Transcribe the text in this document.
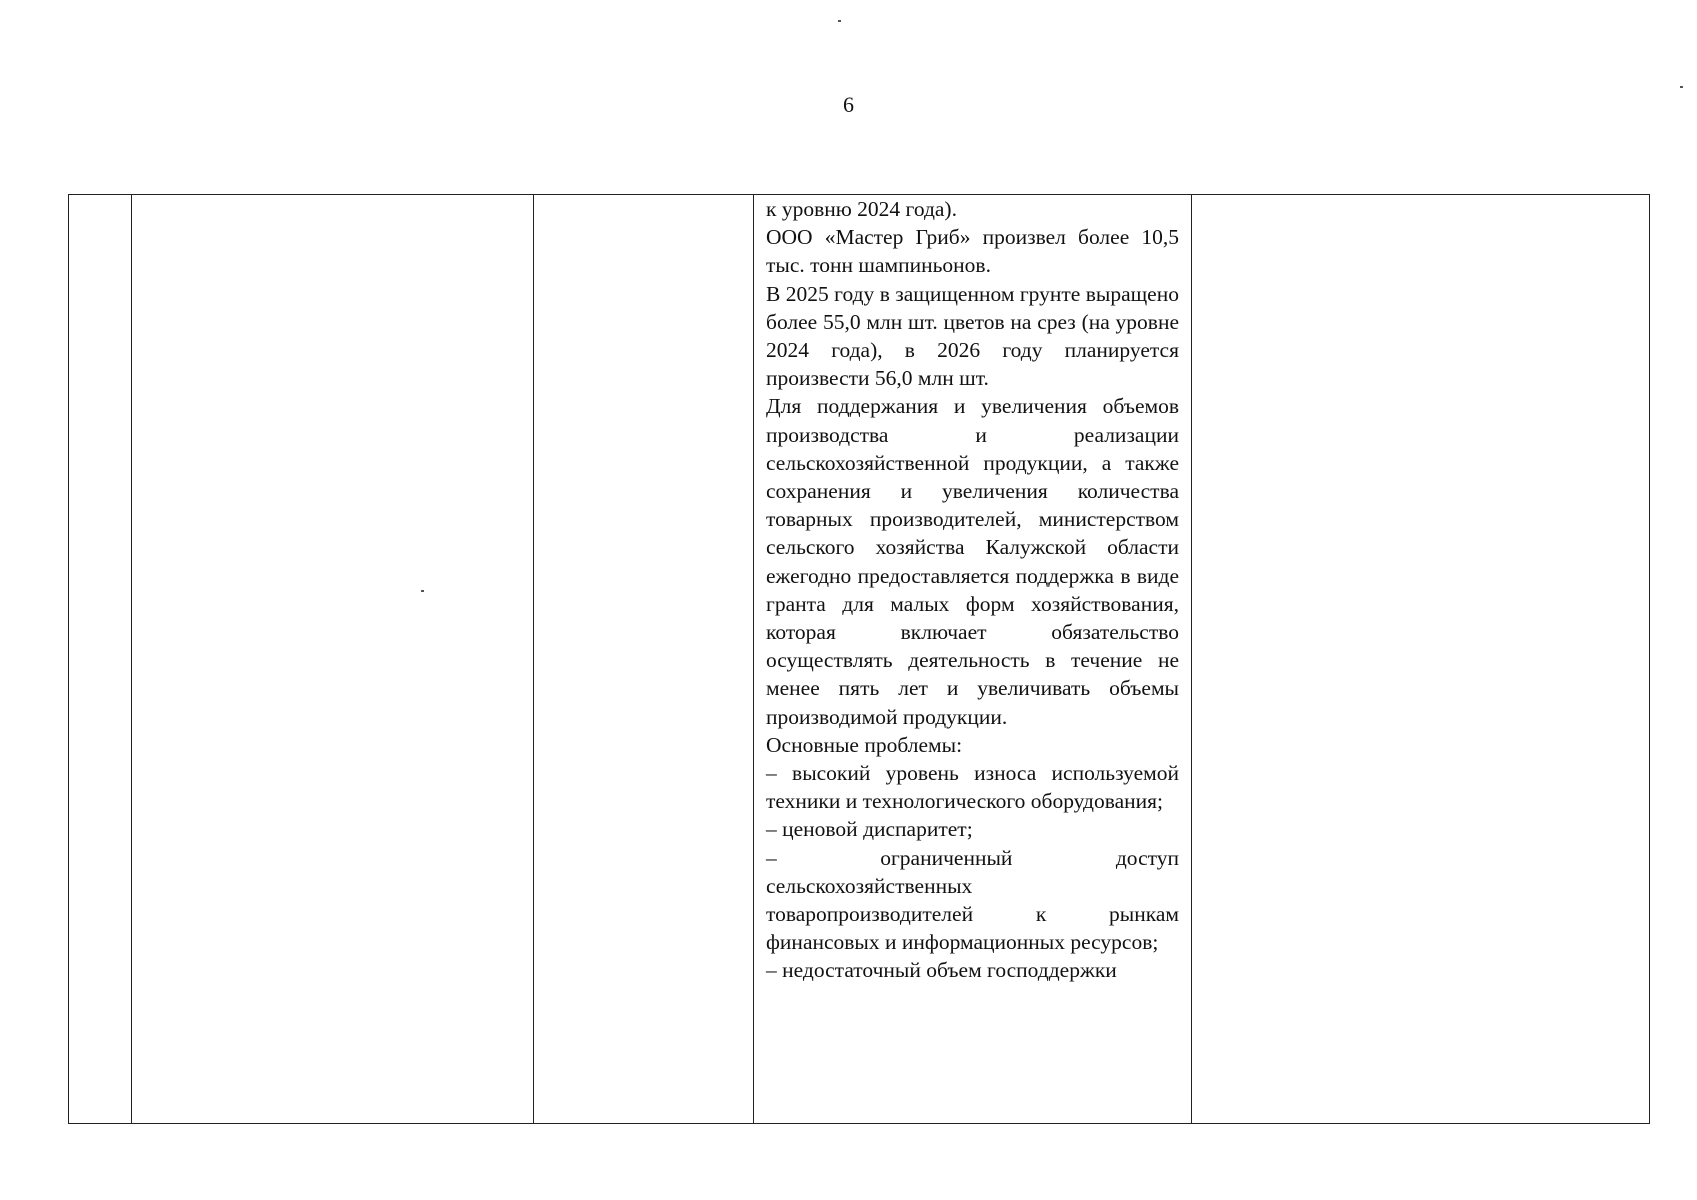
6

к уровню 2024 года).

ООО «Мастер Гриб» произвел более 10,5 тыс. тонн шампиньонов.

В 2025 году в защищенном грунте выращено более 55,0 млн шт. цветов на срез (на уровне 2024 года), в 2026 году планируется произвести 56,0 млн шт.

Для поддержания и увеличения объемов производства и реализации сельскохозяйственной продукции, а также сохранения и увеличения количества товарных производителей, министерством сельского хозяйства Калужской области ежегодно предоставляется поддержка в виде гранта для малых форм хозяйствования, которая включает обязательство осуществлять деятельность в течение не менее пять лет и увеличивать объемы производимой продукции.

Основные проблемы:

– высокий уровень износа используемой техники и технологического оборудования;

– ценовой диспаритет;

– ограниченный доступ сельскохозяйственных товаропроизводителей к рынкам финансовых и информационных ресурсов;

– недостаточный объем господдержки
